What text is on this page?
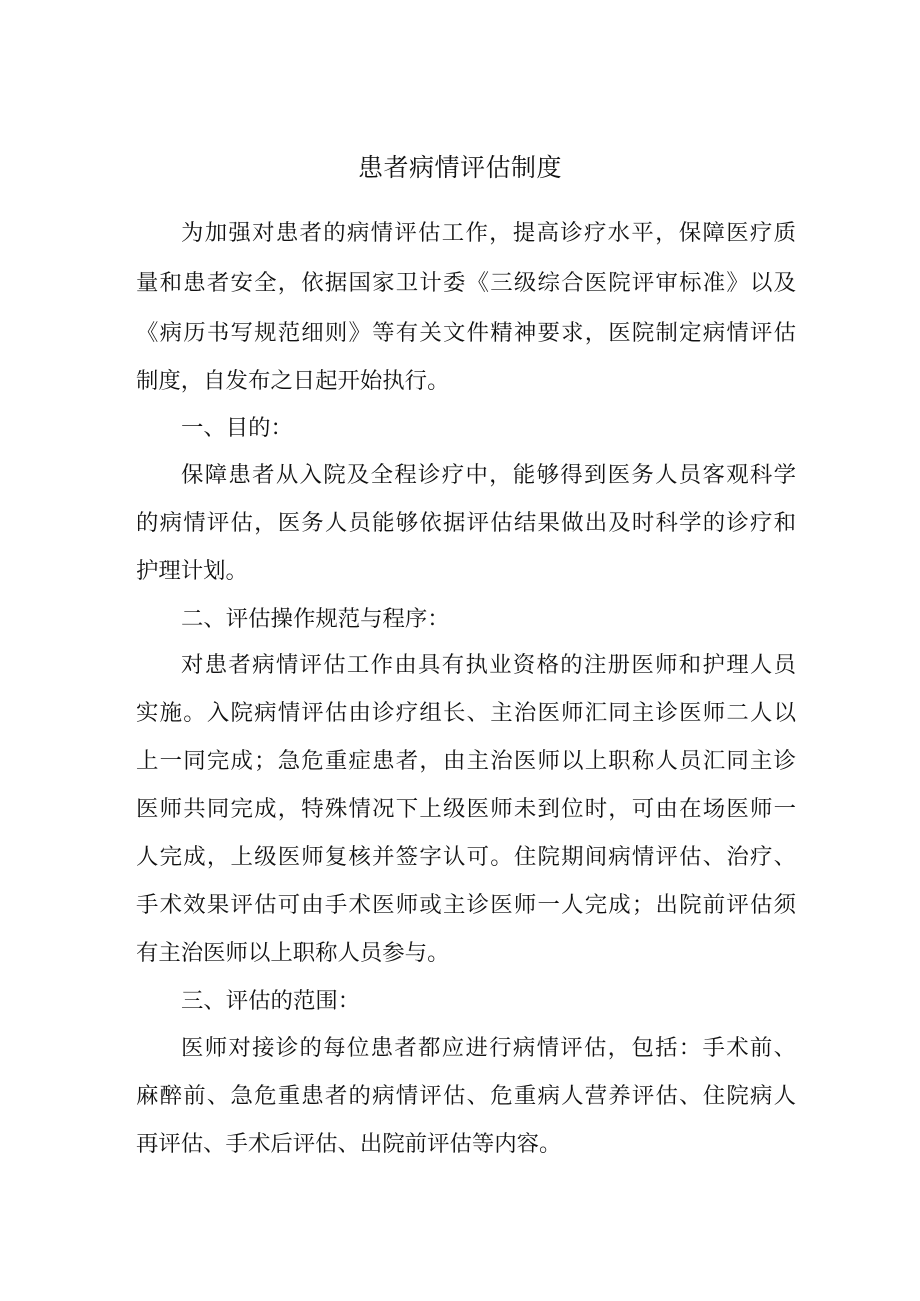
患者病情评估制度

为加强对患者的病情评估工作，提高诊疗水平，保障医疗质

量和患者安全，依据国家卫计委《三级综合医院评审标准》以及

《病历书写规范细则》等有关文件精神要求，医院制定病情评估

制度，自发布之日起开始执行。

一、目的：

保障患者从入院及全程诊疗中，能够得到医务人员客观科学

的病情评估，医务人员能够依据评估结果做出及时科学的诊疗和

护理计划。

二、评估操作规范与程序：

对患者病情评估工作由具有执业资格的注册医师和护理人员

实施。入院病情评估由诊疗组长、主治医师汇同主诊医师二人以

上一同完成；急危重症患者，由主治医师以上职称人员汇同主诊

医师共同完成，特殊情况下上级医师未到位时，可由在场医师一

人完成，上级医师复核并签字认可。住院期间病情评估、治疗、

手术效果评估可由手术医师或主诊医师一人完成；出院前评估须

有主治医师以上职称人员参与。

三、评估的范围：

医师对接诊的每位患者都应进行病情评估，包括：手术前、

麻醉前、急危重患者的病情评估、危重病人营养评估、住院病人

再评估、手术后评估、出院前评估等内容。
